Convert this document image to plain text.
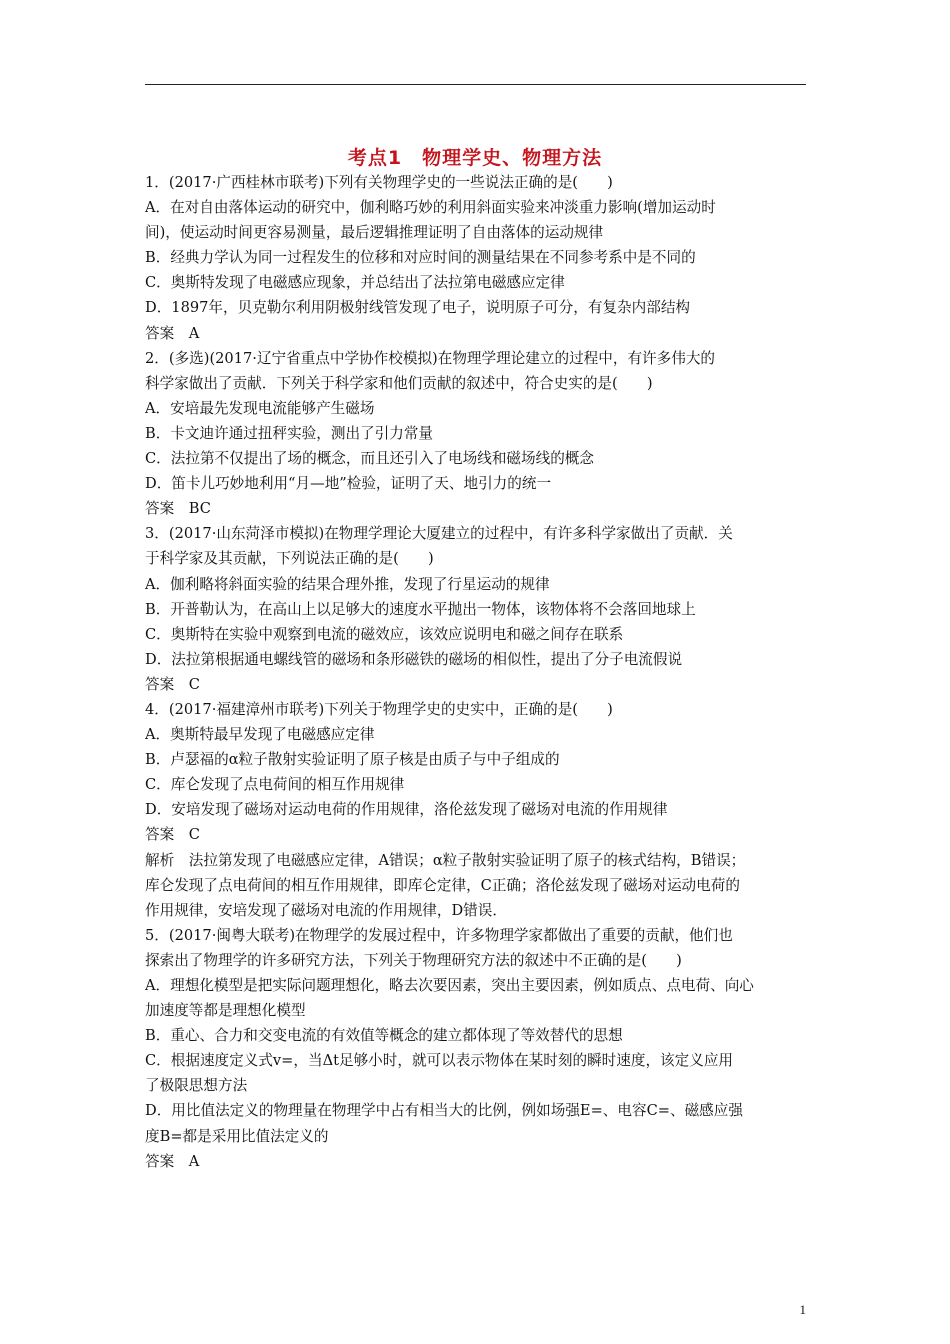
考点1　物理学史、物理方法
1．(2017·广西桂林市联考)下列有关物理学史的一些说法正确的是(　　)
A．在对自由落体运动的研究中，伽利略巧妙的利用斜面实验来冲淡重力影响(增加运动时
间)，使运动时间更容易测量，最后逻辑推理证明了自由落体的运动规律
B．经典力学认为同一过程发生的位移和对应时间的测量结果在不同参考系中是不同的
C．奥斯特发现了电磁感应现象，并总结出了法拉第电磁感应定律
D．1897年，贝克勒尔利用阴极射线管发现了电子，说明原子可分，有复杂内部结构
答案　A
2．(多选)(2017·辽宁省重点中学协作校模拟)在物理学理论建立的过程中，有许多伟大的
科学家做出了贡献．下列关于科学家和他们贡献的叙述中，符合史实的是(　　)
A．安培最先发现电流能够产生磁场
B．卡文迪许通过扭秤实验，测出了引力常量
C．法拉第不仅提出了场的概念，而且还引入了电场线和磁场线的概念
D．笛卡儿巧妙地利用“月—地”检验，证明了天、地引力的统一
答案　BC
3．(2017·山东菏泽市模拟)在物理学理论大厦建立的过程中，有许多科学家做出了贡献．关
于科学家及其贡献，下列说法正确的是(　　)
A．伽利略将斜面实验的结果合理外推，发现了行星运动的规律
B．开普勒认为，在高山上以足够大的速度水平抛出一物体，该物体将不会落回地球上
C．奥斯特在实验中观察到电流的磁效应，该效应说明电和磁之间存在联系
D．法拉第根据通电螺线管的磁场和条形磁铁的磁场的相似性，提出了分子电流假说
答案　C
4．(2017·福建漳州市联考)下列关于物理学史的史实中，正确的是(　　)
A．奥斯特最早发现了电磁感应定律
B．卢瑟福的α粒子散射实验证明了原子核是由质子与中子组成的
C．库仑发现了点电荷间的相互作用规律
D．安培发现了磁场对运动电荷的作用规律，洛伦兹发现了磁场对电流的作用规律
答案　C
解析　法拉第发现了电磁感应定律，A错误；α粒子散射实验证明了原子的核式结构，B错误；
库仑发现了点电荷间的相互作用规律，即库仑定律，C正确；洛伦兹发现了磁场对运动电荷的
作用规律，安培发现了磁场对电流的作用规律，D错误．
5．(2017·闽粤大联考)在物理学的发展过程中，许多物理学家都做出了重要的贡献，他们也
探索出了物理学的许多研究方法，下列关于物理研究方法的叙述中不正确的是(　　)
A．理想化模型是把实际问题理想化，略去次要因素，突出主要因素，例如质点、点电荷、向心
加速度等都是理想化模型
B．重心、合力和交变电流的有效值等概念的建立都体现了等效替代的思想
C．根据速度定义式v=，当Δt足够小时，就可以表示物体在某时刻的瞬时速度，该定义应用
了极限思想方法
D．用比值法定义的物理量在物理学中占有相当大的比例，例如场强E=、电容C=、磁感应强
度B=都是采用比值法定义的
答案　A
1
